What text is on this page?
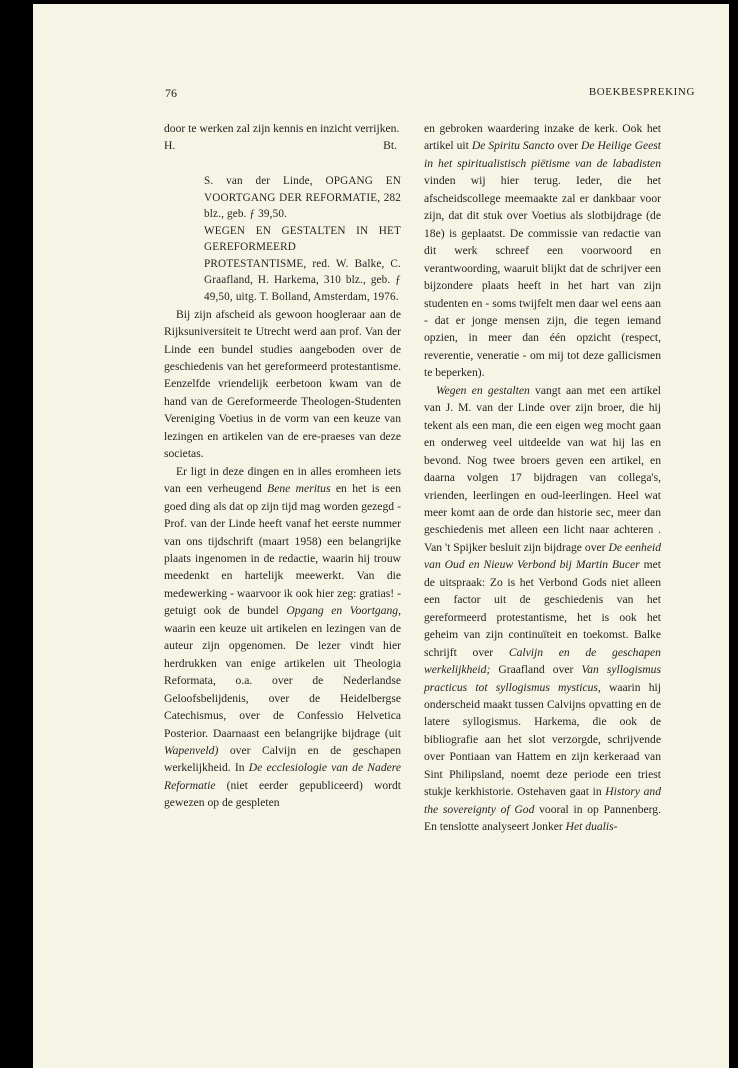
76	BOEKBESPREKING

door te werken zal zijn kennis en inzicht verrijken.

H.	Bt.

S. van der Linde, OPGANG EN VOORTGANG DER REFORMATIE, 282 blz., geb. ƒ 39,50.

WEGEN EN GESTALTEN IN HET GEREFORMEERD PROTESTANTISME, red. W. Balke, C. Graafland, H. Harkema, 310 blz., geb. ƒ 49,50, uitg. T. Bolland, Amsterdam, 1976.

Bij zijn afscheid als gewoon hoogleraar aan de Rijksuniversiteit te Utrecht werd aan prof. Van der Linde een bundel studies aangeboden over de geschiedenis van het gereformeerd protestantisme. Eenzelfde vriendelijk eerbetoon kwam van de hand van de Gereformeerde Theologen-Studenten Vereniging Voetius in de vorm van een keuze van lezingen en artikelen van de ere-praeses van deze societas.

Er ligt in deze dingen en in alles eromheen iets van een verheugend Bene meritus en het is een goed ding als dat op zijn tijd mag worden gezegd - Prof. van der Linde heeft vanaf het eerste nummer van ons tijdschrift (maart 1958) een belangrijke plaats ingenomen in de redactie, waarin hij trouw meedenkt en hartelijk meewerkt. Van die medewerking - waarvoor ik ook hier zeg: gratias! - getuigt ook de bundel Opgang en Voortgang, waarin een keuze uit artikelen en lezingen van de auteur zijn opgenomen. De lezer vindt hier herdrukken van enige artikelen uit Theologia Reformata, o.a. over de Nederlandse Geloofsbelijdenis, over de Heidelbergse Catechismus, over de Confessio Helvetica Posterior. Daarnaast een belangrijke bijdrage (uit Wapenveld) over Calvijn en de geschapen werkelijkheid. In De ecclesiologie van de Nadere Reformatie (niet eerder gepubliceerd) wordt gewezen op de gespleten

en gebroken waardering inzake de kerk. Ook het artikel uit De Spiritu Sancto over De Heilige Geest in het spiritualistisch piëtisme van de labadisten vinden wij hier terug. Ieder, die het afscheidscollege meemaakte zal er dankbaar voor zijn, dat dit stuk over Voetius als slotbijdrage (de 18e) is geplaatst. De commissie van redactie van dit werk schreef een voorwoord en verantwoording, waaruit blijkt dat de schrijver een bijzondere plaats heeft in het hart van zijn studenten en - soms twijfelt men daar wel eens aan - dat er jonge mensen zijn, die tegen iemand opzien, in meer dan één opzicht (respect, reverentie, veneratie - om mij tot deze gallicismen te beperken).

Wegen en gestalten vangt aan met een artikel van J. M. van der Linde over zijn broer, die hij tekent als een man, die een eigen weg mocht gaan en onderweg veel uitdeelde van wat hij las en bevond. Nog twee broers geven een artikel, en daarna volgen 17 bijdragen van collega's, vrienden, leerlingen en oud-leerlingen. Heel wat meer komt aan de orde dan historie sec, meer dan geschiedenis met alleen een licht naar achteren . Van 't Spijker besluit zijn bijdrage over De eenheid van Oud en Nieuw Verbond bij Martin Bucer met de uitspraak: Zo is het Verbond Gods niet alleen een factor uit de geschiedenis van het gereformeerd protestantisme, het is ook het geheim van zijn continuïteit en toekomst. Balke schrijft over Calvijn en de geschapen werkelijkheid; Graafland over Van syllogismus practicus tot syllogismus mysticus, waarin hij onderscheid maakt tussen Calvijns opvatting en de latere syllogismus. Harkema, die ook de bibliografie aan het slot verzorgde, schrijvende over Pontiaan van Hattem en zijn kerkeraad van Sint Philipsland, noemt deze periode een triest stukje kerkhistorie. Ostehaven gaat in History and the sovereignty of God vooral in op Pannenberg. En tenslotte analyseert Jonker Het dualis-
